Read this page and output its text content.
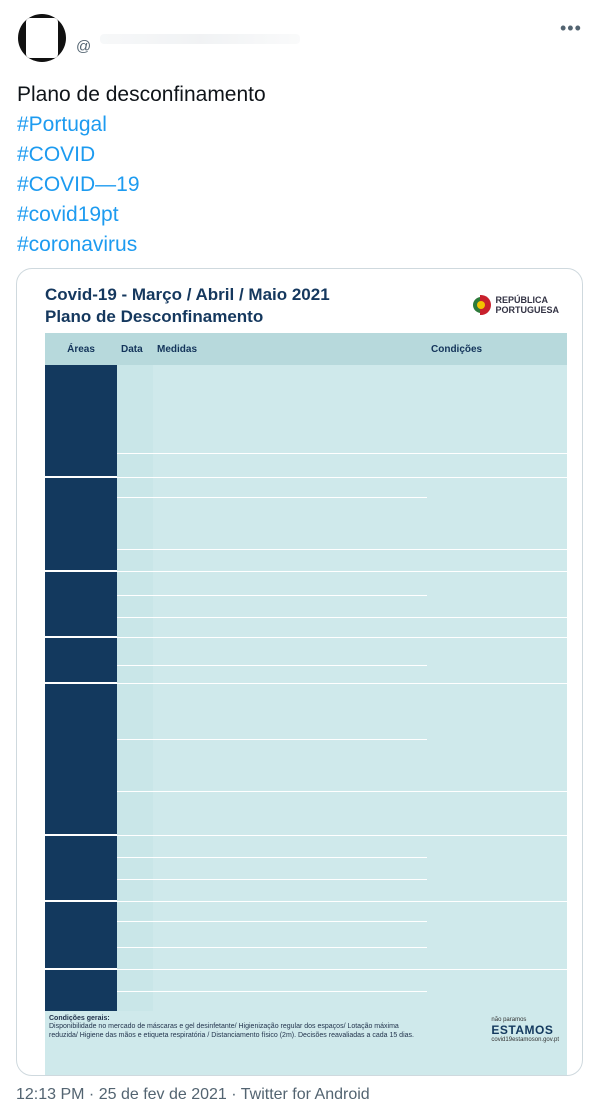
@
•••
Plano de desconfinamento
#Portugal
#COVID
#COVID—19
#covid19pt
#coronavirus
Covid-19 - Março / Abril / Maio 2021
Plano de Desconfinamento
REPÚBLICA
PORTUGUESA
Áreas	Data	Medidas	Condições

Condições gerais:
Disponibilidade no mercado de máscaras e gel desinfetante/ Higienização regular dos espaços/ Lotação máxima reduzida/ Higiene das mãos e etiqueta respiratória / Distanciamento físico (2m). Decisões reavaliadas a cada 15 dias.
não paramos
ESTAMOS
covid19estamoson.gov.pt
12:13 PM · 25 de fev de 2021 · Twitter for Android
